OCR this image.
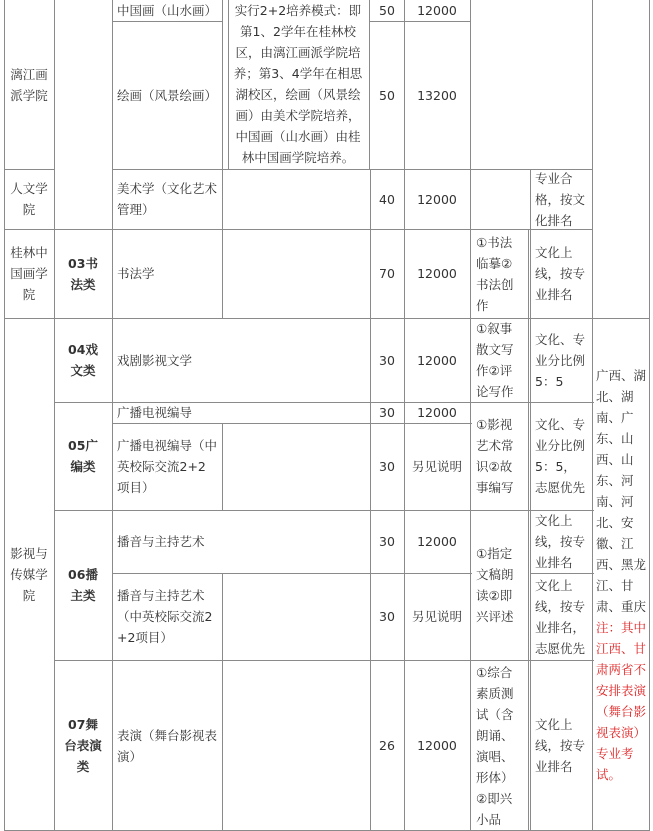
漓江画派学院
人文学院
桂林中国画学院
影视与传媒学院
03书法类
04戏文类
05广编类
06播主类
07舞台表演类
中国画（山水画）
绘画（风景绘画）
美术学（文化艺术管理）
书法学
戏剧影视文学
广播电视编导
广播电视编导（中英校际交流2+2项目）
播音与主持艺术
播音与主持艺术（中英校际交流2+2项目）
表演（舞台影视表演）
实行2+2培养模式：即第1、2学年在桂林校区，由漓江画派学院培养；第3、4学年在相思湖校区，绘画（风景绘画）由美术学院培养，中国画（山水画）由桂林中国画学院培养。
50
50
40
70
30
30
30
30
30
26
12000
13200
12000
12000
12000
12000
另见说明
12000
另见说明
12000
①书法临摹②书法创作
①叙事散文写作②评论写作
①影视艺术常识②故事编写
①指定文稿朗读②即兴评述
①综合素质测试（含朗诵、演唱、形体）②即兴小品
专业合格，按文化排名
文化上线，按专业排名
文化、专业分比例5：5
文化、专业分比例5：5，志愿优先
文化上线，按专业排名
文化上线，按专业排名，志愿优先
文化上线，按专业排名
广西、湖北、湖南、广东、山西、山东、河南、河北、安徽、江西、黑龙江、甘肃、重庆注：其中江西、甘肃两省不安排表演（舞台影视表演）专业考试。
